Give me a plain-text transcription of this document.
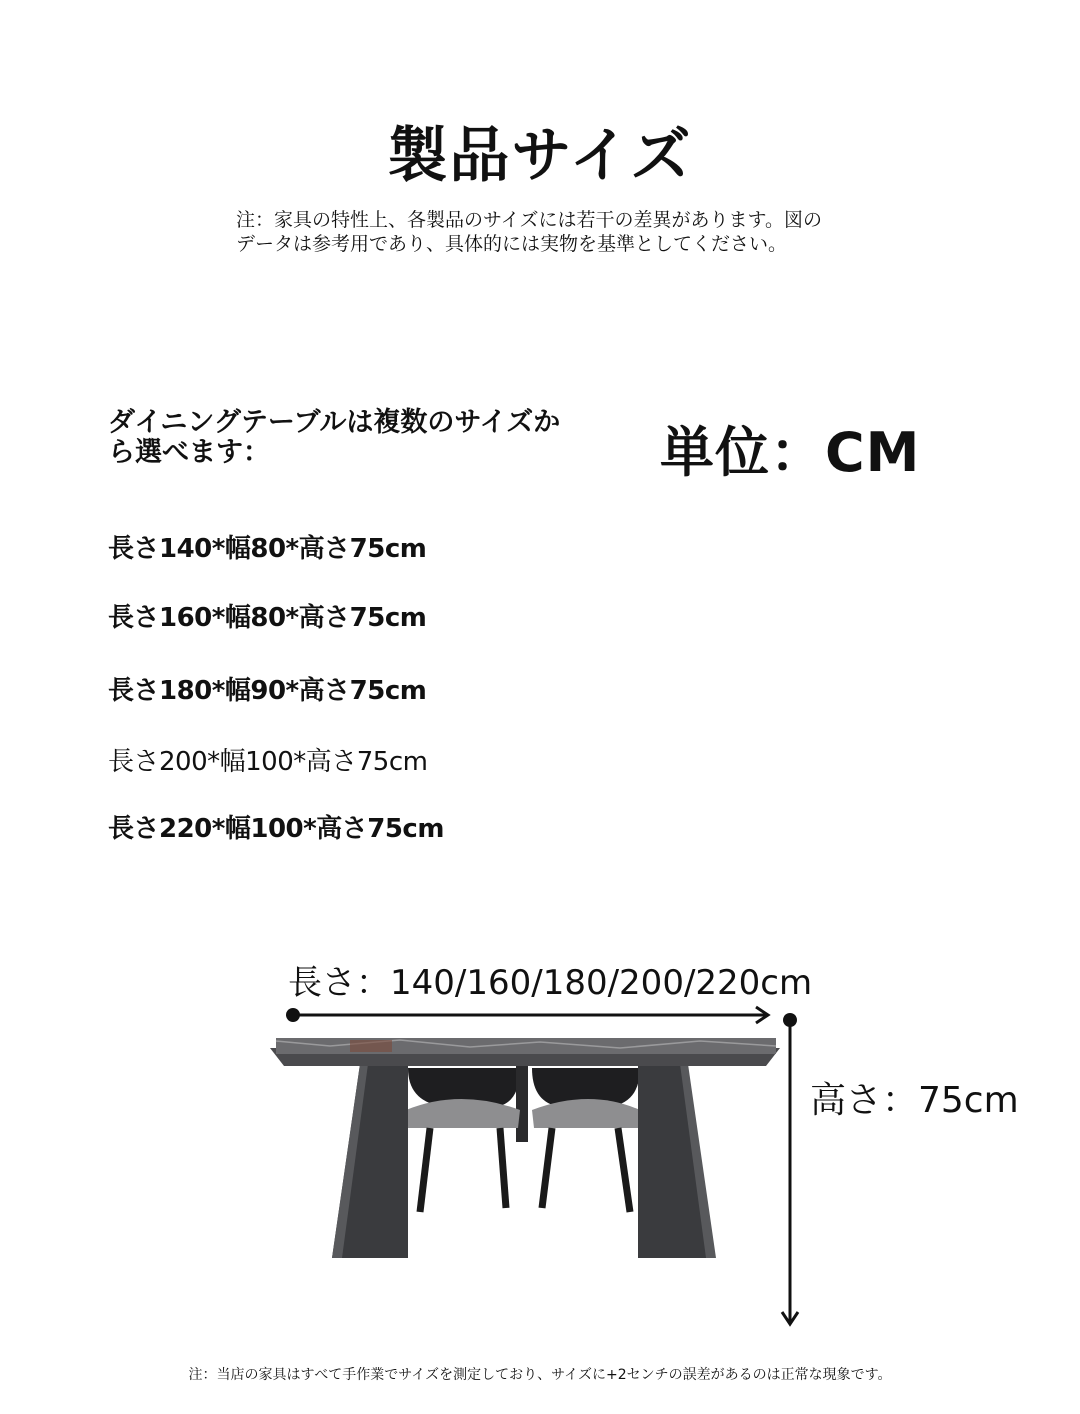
製品サイズ
注：家具の特性上、各製品のサイズには若干の差異があります。図のデータは参考用であり、具体的には実物を基準としてください。
ダイニングテーブルは複数のサイズから選べます：	単位：CM
長さ140*幅80*高さ75cm
長さ160*幅80*高さ75cm
長さ180*幅90*高さ75cm
長さ200*幅100*高さ75cm
長さ220*幅100*高さ75cm
長さ：140/160/180/200/220cm
高さ：75cm
注：当店の家具はすべて手作業でサイズを測定しており、サイズに+2センチの誤差があるのは正常な現象です。
